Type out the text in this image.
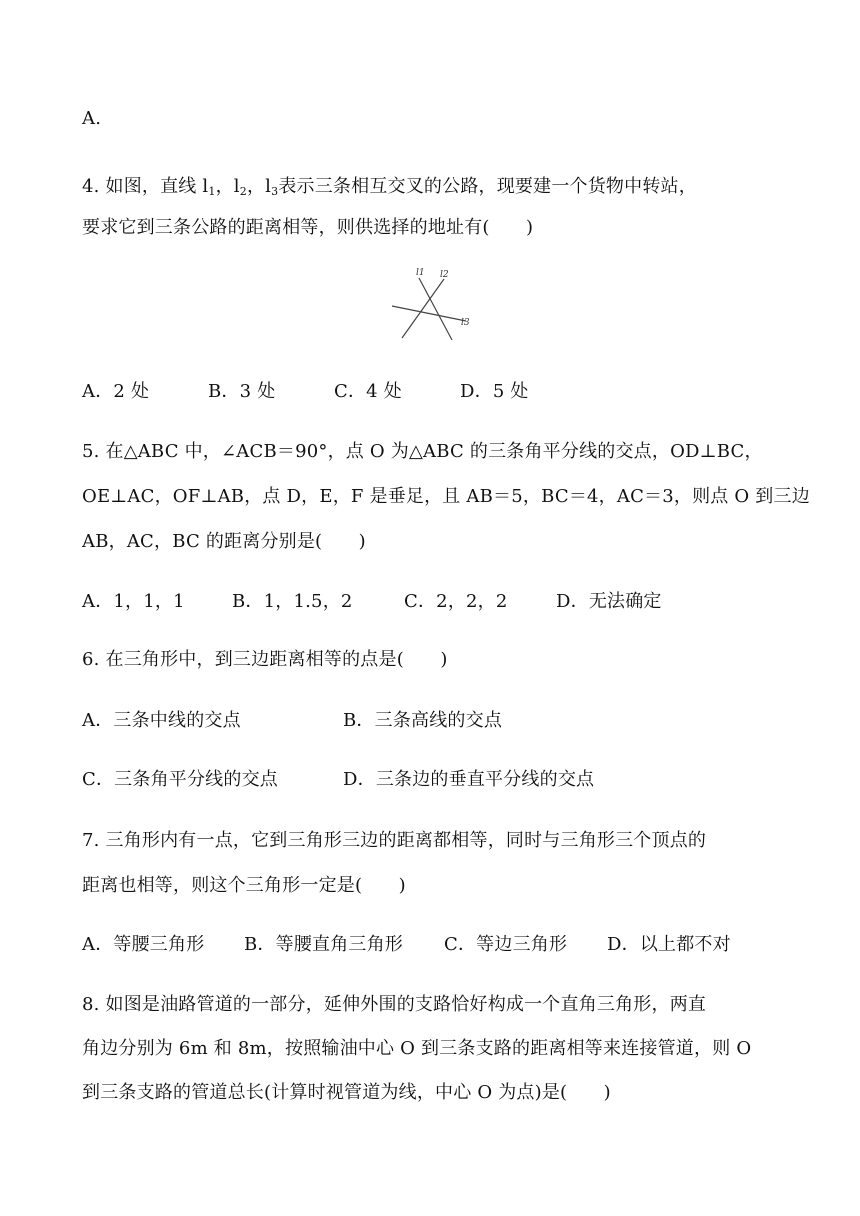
A.
4. 如图，直线 $l_1$，$l_2$，$l_3$表示三条相互交叉的公路，现要建一个货物中转站，
要求它到三条公路的距离相等，则供选择的地址有(　　)
l1 l2
l3
A．2 处	B．3 处	C．4 处	D．5 处
5. 在△ABC 中，∠ACB＝90°，点 O 为△ABC 的三条角平分线的交点，OD⊥BC，
OE⊥AC，OF⊥AB，点 D，E，F 是垂足，且 AB＝5，BC＝4，AC＝3，则点 O 到三边
AB，AC，BC 的距离分别是(　　)
A．1，1，1	B．1，1.5，2	C．2，2，2	D．无法确定
6. 在三角形中，到三边距离相等的点是(　　)
A．三条中线的交点	B．三条高线的交点
C．三条角平分线的交点	D．三条边的垂直平分线的交点
7. 三角形内有一点，它到三角形三边的距离都相等，同时与三角形三个顶点的
距离也相等，则这个三角形一定是(　　)
A．等腰三角形	B．等腰直角三角形	C．等边三角形	D．以上都不对
8. 如图是油路管道的一部分，延伸外围的支路恰好构成一个直角三角形，两直
角边分别为 6m 和 8m，按照输油中心 O 到三条支路的距离相等来连接管道，则 O
到三条支路的管道总长(计算时视管道为线，中心 O 为点)是(　　)
